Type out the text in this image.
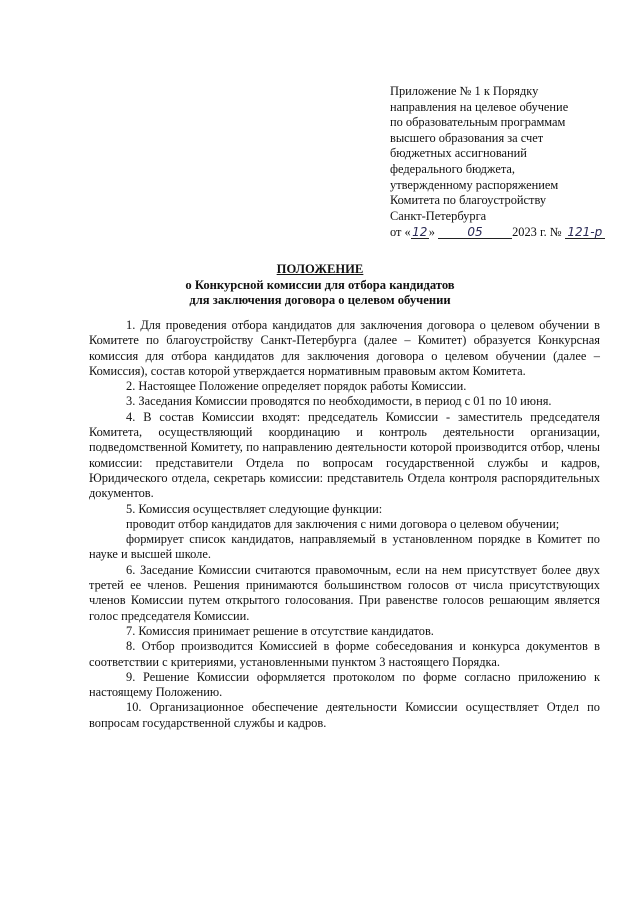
Приложение № 1 к Порядку
направления на целевое обучение
по образовательным программам
высшего образования за счет
бюджетных ассигнований
федерального бюджета,
утвержденному распоряжением
Комитета по благоустройству
Санкт-Петербурга
от «12»	05 2023 г. № 121-р
ПОЛОЖЕНИЕ
о Конкурсной комиссии для отбора кандидатов
для заключения договора о целевом обучении

1. Для проведения отбора кандидатов для заключения договора о целевом обучении в Комитете по благоустройству Санкт-Петербурга (далее – Комитет) образуется Конкурсная комиссия для отбора кандидатов для заключения договора о целевом обучении (далее – Комиссия), состав которой утверждается нормативным правовым актом Комитета.

2. Настоящее Положение определяет порядок работы Комиссии.

3. Заседания Комиссии проводятся по необходимости, в период с 01 по 10 июня.

4. В состав Комиссии входят: председатель Комиссии - заместитель председателя Комитета, осуществляющий координацию и контроль деятельности организации, подведомственной Комитету, по направлению деятельности которой производится отбор, члены комиссии: представители Отдела по вопросам государственной службы и кадров, Юридического отдела, секретарь комиссии: представитель Отдела контроля распорядительных документов.

5. Комиссия осуществляет следующие функции:

проводит отбор кандидатов для заключения с ними договора о целевом обучении;

формирует список кандидатов, направляемый в установленном порядке в Комитет по науке и высшей школе.

6. Заседание Комиссии считаются правомочным, если на нем присутствует более двух третей ее членов. Решения принимаются большинством голосов от числа присутствующих членов Комиссии путем открытого голосования. При равенстве голосов решающим является голос председателя Комиссии.

7. Комиссия принимает решение в отсутствие кандидатов.

8. Отбор производится Комиссией в форме собеседования и конкурса документов в соответствии с критериями, установленными пунктом 3 настоящего Порядка.

9. Решение Комиссии оформляется протоколом по форме согласно приложению к настоящему Положению.

10. Организационное обеспечение деятельности Комиссии осуществляет Отдел по вопросам государственной службы и кадров.
